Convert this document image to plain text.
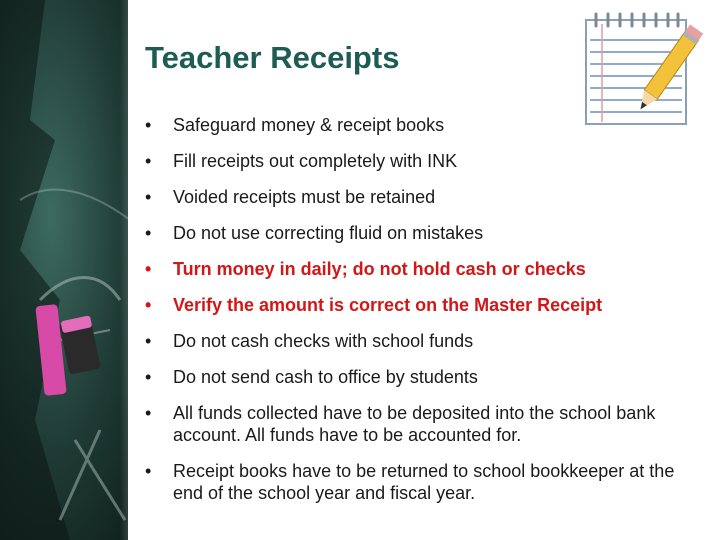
Teacher Receipts
• Safeguard money & receipt books
• Fill receipts out completely with INK
• Voided receipts must be retained
• Do not use correcting fluid on mistakes
• Turn money in daily; do not hold cash or checks
• Verify the amount is correct on the Master Receipt
• Do not cash checks with school funds
• Do not send cash to office by students
• All funds collected have to be deposited into the school bank account. All funds have to be accounted for.
• Receipt books have to be returned to school bookkeeper at the end of the school year and fiscal year.
